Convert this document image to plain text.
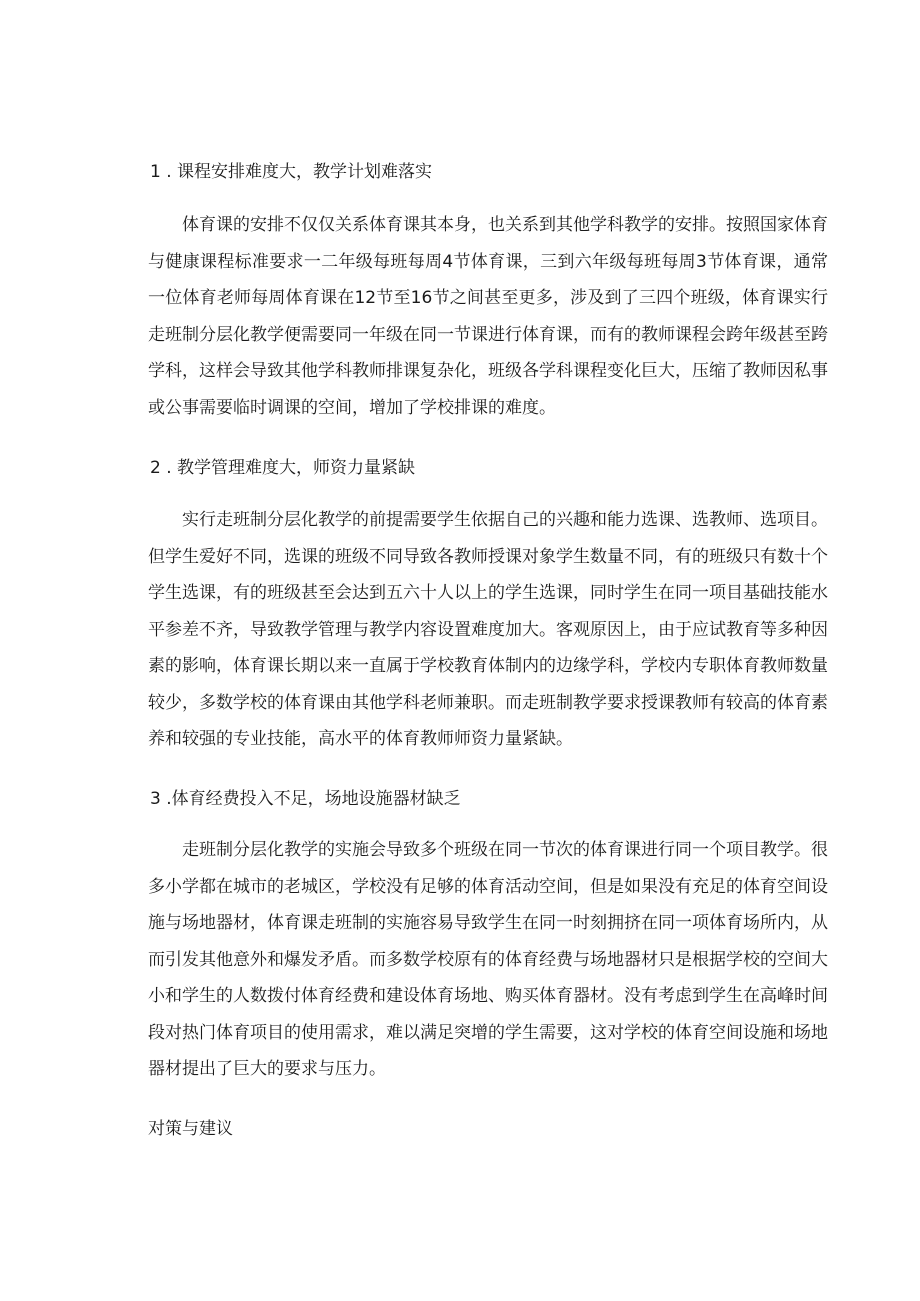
1 . 课程安排难度大，教学计划难落实

体育课的安排不仅仅关系体育课其本身，也关系到其他学科教学的安排。按照国家体育与健康课程标准要求一二年级每班每周4节体育课，三到六年级每班每周3节体育课，通常一位体育老师每周体育课在12节至16节之间甚至更多，涉及到了三四个班级，体育课实行走班制分层化教学便需要同一年级在同一节课进行体育课，而有的教师课程会跨年级甚至跨学科，这样会导致其他学科教师排课复杂化，班级各学科课程变化巨大，压缩了教师因私事或公事需要临时调课的空间，增加了学校排课的难度。

2 . 教学管理难度大，师资力量紧缺

实行走班制分层化教学的前提需要学生依据自己的兴趣和能力选课、选教师、选项目。但学生爱好不同，选课的班级不同导致各教师授课对象学生数量不同，有的班级只有数十个学生选课，有的班级甚至会达到五六十人以上的学生选课，同时学生在同一项目基础技能水平参差不齐，导致教学管理与教学内容设置难度加大。客观原因上，由于应试教育等多种因素的影响，体育课长期以来一直属于学校教育体制内的边缘学科，学校内专职体育教师数量较少，多数学校的体育课由其他学科老师兼职。而走班制教学要求授课教师有较高的体育素养和较强的专业技能，高水平的体育教师师资力量紧缺。

3 .体育经费投入不足，场地设施器材缺乏

走班制分层化教学的实施会导致多个班级在同一节次的体育课进行同一个项目教学。很多小学都在城市的老城区，学校没有足够的体育活动空间，但是如果没有充足的体育空间设施与场地器材，体育课走班制的实施容易导致学生在同一时刻拥挤在同一项体育场所内，从而引发其他意外和爆发矛盾。而多数学校原有的体育经费与场地器材只是根据学校的空间大小和学生的人数拨付体育经费和建设体育场地、购买体育器材。没有考虑到学生在高峰时间段对热门体育项目的使用需求，难以满足突增的学生需要，这对学校的体育空间设施和场地器材提出了巨大的要求与压力。

对策与建议
